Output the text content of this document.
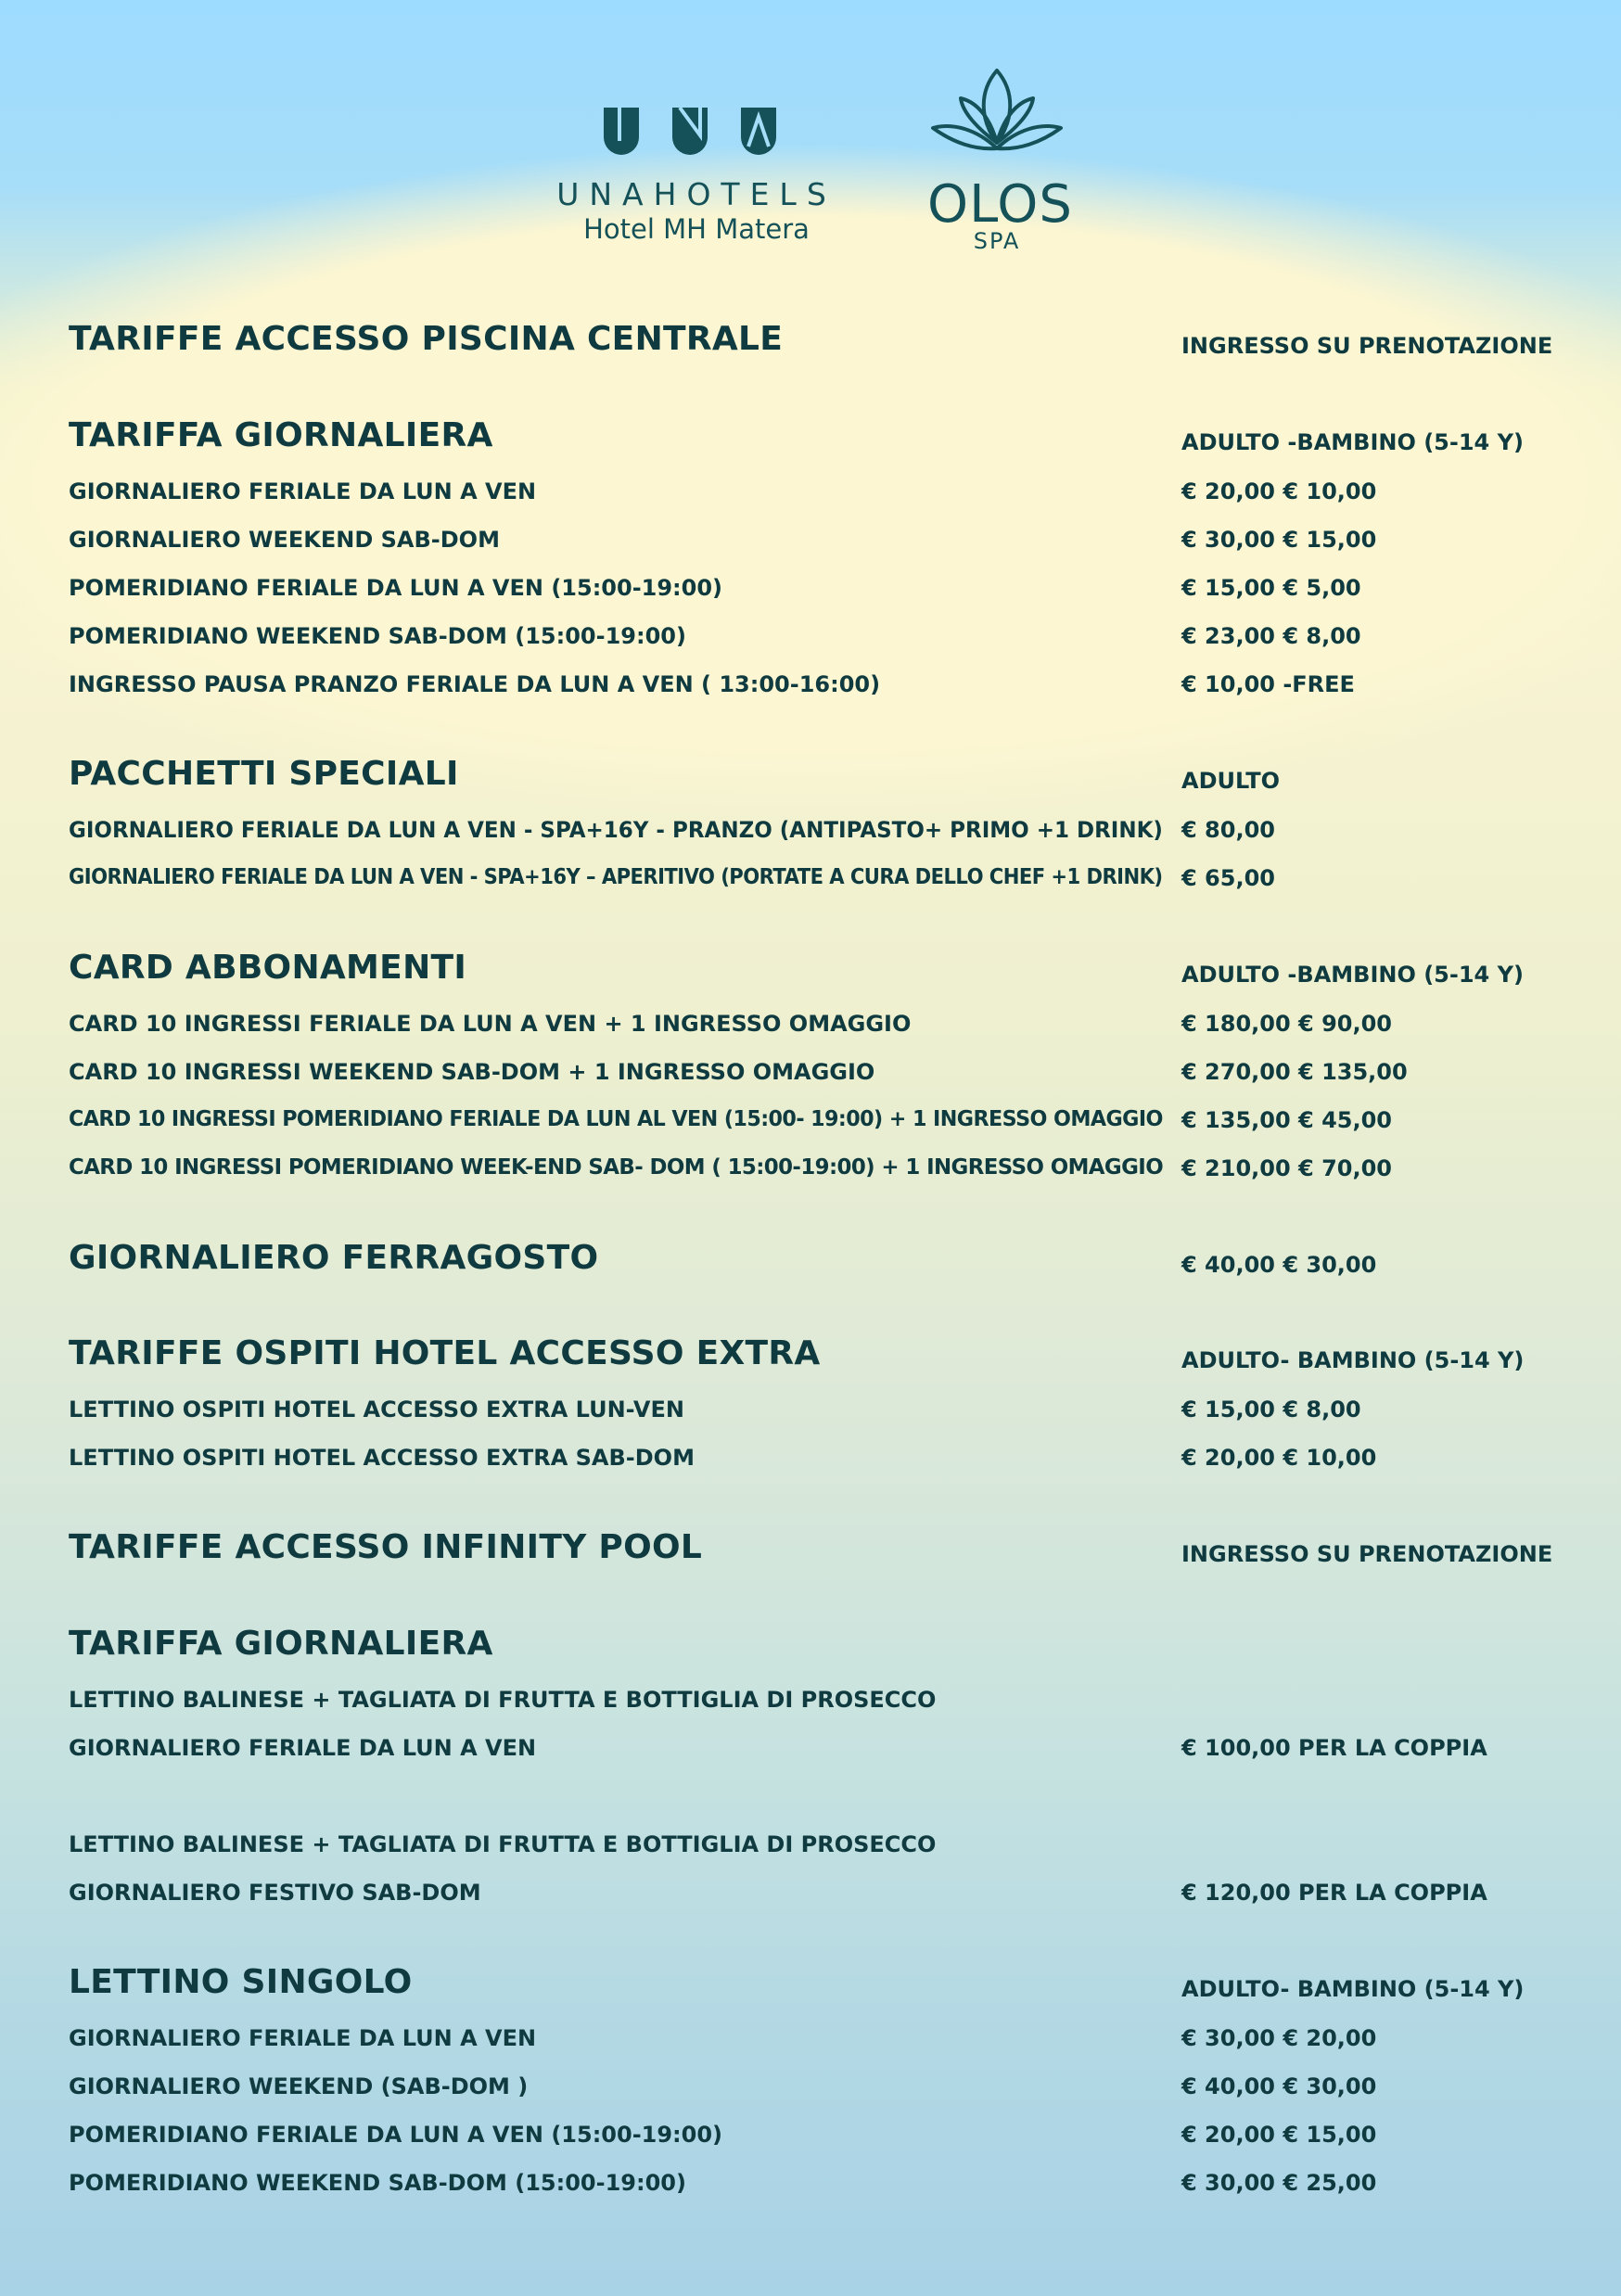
UNAHOTELS
Hotel MH Matera	OLOS
SPA
TARIFFE ACCESSO PISCINA CENTRALE	INGRESSO SU PRENOTAZIONE
TARIFFA GIORNALIERA	ADULTO -BAMBINO (5-14 Y)
GIORNALIERO FERIALE DA LUN A VEN	€ 20,00 € 10,00
GIORNALIERO WEEKEND SAB-DOM	€ 30,00 € 15,00
POMERIDIANO FERIALE DA LUN A VEN (15:00-19:00)	€ 15,00 € 5,00
POMERIDIANO WEEKEND SAB-DOM (15:00-19:00)	€ 23,00 € 8,00
INGRESSO PAUSA PRANZO FERIALE DA LUN A VEN ( 13:00-16:00)	€ 10,00 -FREE
PACCHETTI SPECIALI	ADULTO
GIORNALIERO FERIALE DA LUN A VEN - SPA+16Y - PRANZO (ANTIPASTO+ PRIMO +1 DRINK) € 80,00
GIORNALIERO FERIALE DA LUN A VEN - SPA+16Y – APERITIVO (PORTATE A CURA DELLO CHEF +1 DRINK) € 65,00
CARD ABBONAMENTI	ADULTO -BAMBINO (5-14 Y)
CARD 10 INGRESSI FERIALE DA LUN A VEN + 1 INGRESSO OMAGGIO	€ 180,00 € 90,00
CARD 10 INGRESSI WEEKEND SAB-DOM + 1 INGRESSO OMAGGIO	€ 270,00 € 135,00
CARD 10 INGRESSI POMERIDIANO FERIALE DA LUN AL VEN (15:00- 19:00) + 1 INGRESSO OMAGGIO € 135,00 € 45,00
CARD 10 INGRESSI POMERIDIANO WEEK-END SAB- DOM ( 15:00-19:00) + 1 INGRESSO OMAGGIO € 210,00 € 70,00
GIORNALIERO FERRAGOSTO	€ 40,00 € 30,00
TARIFFE OSPITI HOTEL ACCESSO EXTRA	ADULTO- BAMBINO (5-14 Y)
LETTINO OSPITI HOTEL ACCESSO EXTRA LUN-VEN	€ 15,00 € 8,00
LETTINO OSPITI HOTEL ACCESSO EXTRA SAB-DOM	€ 20,00 € 10,00
TARIFFE ACCESSO INFINITY POOL	INGRESSO SU PRENOTAZIONE
TARIFFA GIORNALIERA
LETTINO BALINESE + TAGLIATA DI FRUTTA E BOTTIGLIA DI PROSECCO
GIORNALIERO FERIALE DA LUN A VEN	€ 100,00 PER LA COPPIA
LETTINO BALINESE + TAGLIATA DI FRUTTA E BOTTIGLIA DI PROSECCO
GIORNALIERO FESTIVO SAB-DOM	€ 120,00 PER LA COPPIA
LETTINO SINGOLO	ADULTO- BAMBINO (5-14 Y)
GIORNALIERO FERIALE DA LUN A VEN	€ 30,00 € 20,00
GIORNALIERO WEEKEND (SAB-DOM )	€ 40,00 € 30,00
POMERIDIANO FERIALE DA LUN A VEN (15:00-19:00)	€ 20,00 € 15,00
POMERIDIANO WEEKEND SAB-DOM (15:00-19:00)	€ 30,00 € 25,00
